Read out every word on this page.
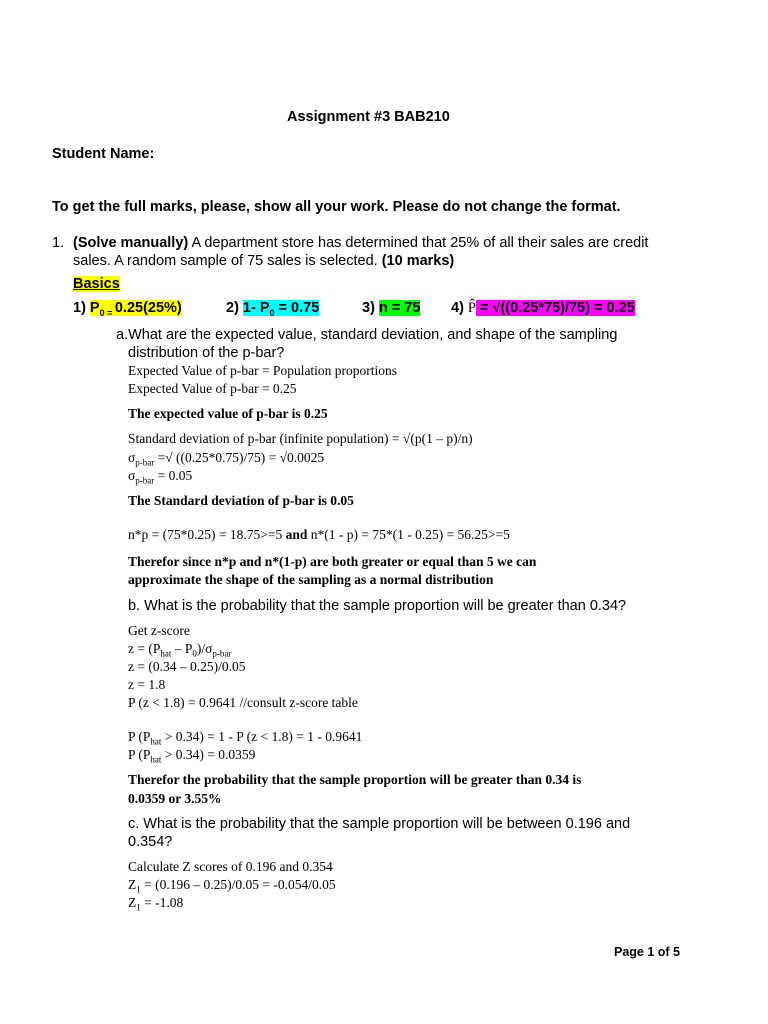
Assignment #3 BAB210
Student Name:
To get the full marks, please, show all your work. Please do not change the format.
1. (Solve manually) A department store has determined that 25% of all their sales are credit
sales. A random sample of 75 sales is selected. (10 marks)
Basics
1) $P_{0 =}$ 0.25(25%)	2) 1- $P_0 = 0.75$	3) n = 75 4) P̂ = √((0.25*75)/75) = 0.25
a.What are the expected value, standard deviation, and shape of the sampling
distribution of the p-bar?
Expected Value of p-bar = Population proportions
Expected Value of p-bar = 0.25
The expected value of p-bar is 0.25
Standard deviation of p-bar (infinite population) = √(p(1 – p)/n)
$\sigma_{p-bar}$ =√ ((0.25*0.75)/75) = √0.0025
$\sigma_{p-bar} = 0.05$
The Standard deviation of p-bar is 0.05
n*p = (75*0.25) = 18.75>=5 and n*(1 - p) = 75*(1 - 0.25) = 56.25>=5
Therefor since n*p and n*(1-p) are both greater or equal than 5 we can
approximate the shape of the sampling as a normal distribution
b. What is the probability that the sample proportion will be greater than 0.34?
Get z-score
$z = (P_{hat} - P_0)/\sigma_{p-bar}$
z = (0.34 – 0.25)/0.05
z = 1.8
P (z < 1.8) = 0.9641 //consult z-score table
P $(P_{hat} > 0.34) = 1 - P$ (z < 1.8) = 1 - 0.9641
P $(P_{hat} > 0.34) = 0.0359$
Therefor the probability that the sample proportion will be greater than 0.34 is
0.0359 or 3.55%
c. What is the probability that the sample proportion will be between 0.196 and
0.354?
Calculate Z scores of 0.196 and 0.354
$Z_1 = (0.196 - 0.25)/0.05 = -0.054/0.05$
$Z_1 = -1.08$
Page 1 of 5
